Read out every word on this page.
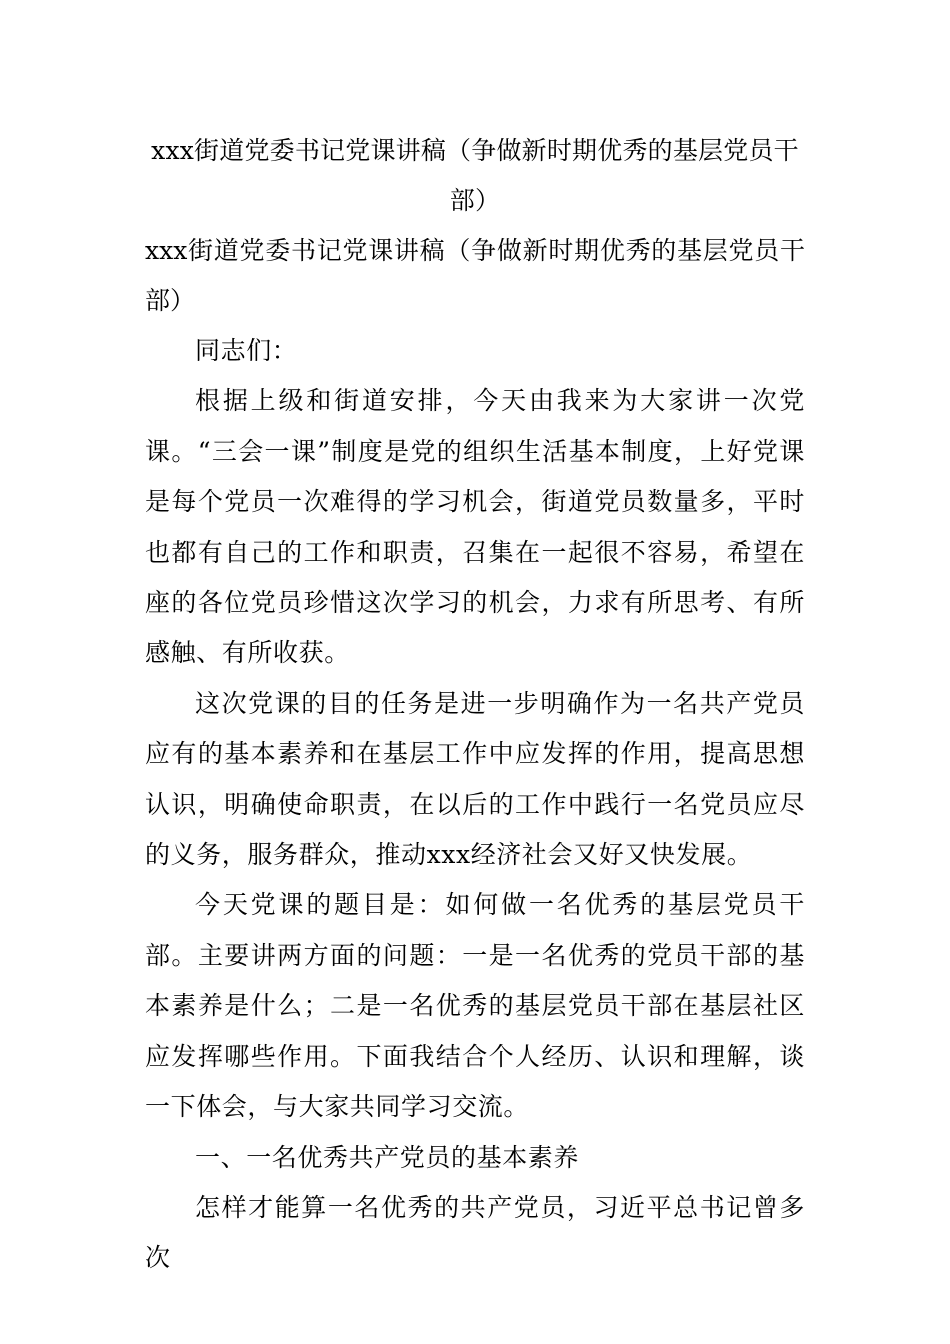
xxx街道党委书记党课讲稿（争做新时期优秀的基层党员干部）

xxx街道党委书记党课讲稿（争做新时期优秀的基层党员干部）

同志们：

根据上级和街道安排，今天由我来为大家讲一次党课。“三会一课”制度是党的组织生活基本制度，上好党课是每个党员一次难得的学习机会，街道党员数量多，平时也都有自己的工作和职责，召集在一起很不容易，希望在座的各位党员珍惜这次学习的机会，力求有所思考、有所感触、有所收获。

这次党课的目的任务是进一步明确作为一名共产党员应有的基本素养和在基层工作中应发挥的作用，提高思想认识，明确使命职责，在以后的工作中践行一名党员应尽的义务，服务群众，推动xxx经济社会又好又快发展。

今天党课的题目是：如何做一名优秀的基层党员干部。主要讲两方面的问题：一是一名优秀的党员干部的基本素养是什么；二是一名优秀的基层党员干部在基层社区应发挥哪些作用。下面我结合个人经历、认识和理解，谈一下体会，与大家共同学习交流。

一、一名优秀共产党员的基本素养

怎样才能算一名优秀的共产党员，习近平总书记曾多次
